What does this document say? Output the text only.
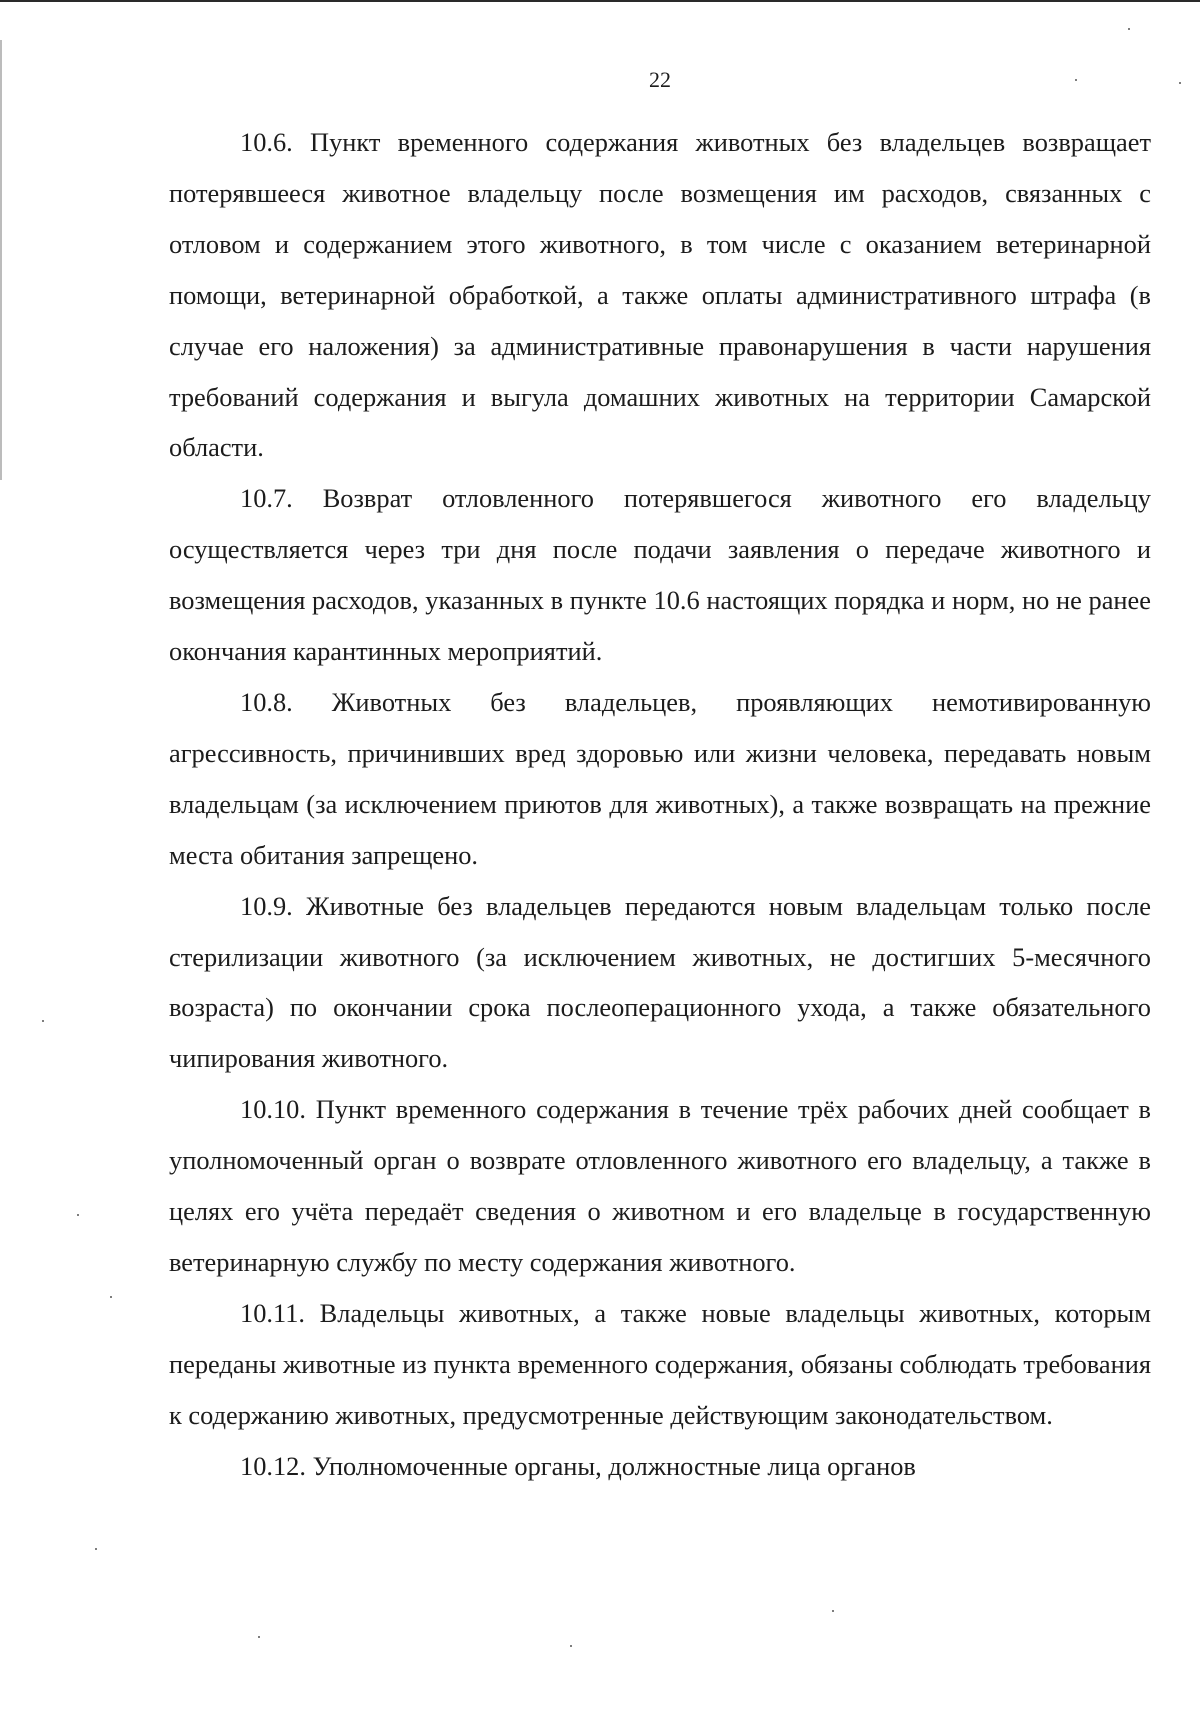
22

10.6. Пункт временного содержания животных без владельцев возвращает потерявшееся животное владельцу после возмещения им расходов, связанных с отловом и содержанием этого животного, в том числе с оказанием ветеринарной помощи, ветеринарной обработкой, а также оплаты административного штрафа (в случае его наложения) за административные правонарушения в части нарушения требований содержания и выгула домашних животных на территории Самарской области.

10.7. Возврат отловленного потерявшегося животного его владельцу осуществляется через три дня после подачи заявления о передаче животного и возмещения расходов, указанных в пункте 10.6 настоящих порядка и норм, но не ранее окончания карантинных мероприятий.

10.8. Животных без владельцев, проявляющих немотивированную агрессивность, причинивших вред здоровью или жизни человека, передавать новым владельцам (за исключением приютов для животных), а также возвращать на прежние места обитания запрещено.

10.9. Животные без владельцев передаются новым владельцам только после стерилизации животного (за исключением животных, не достигших 5-месячного возраста) по окончании срока послеоперационного ухода, а также обязательного чипирования животного.

10.10. Пункт временного содержания в течение трёх рабочих дней сообщает в уполномоченный орган о возврате отловленного животного его владельцу, а также в целях его учёта передаёт сведения о животном и его владельце в государственную ветеринарную службу по месту содержания животного.

10.11. Владельцы животных, а также новые владельцы животных, которым переданы животные из пункта временного содержания, обязаны соблюдать требования к содержанию животных, предусмотренные действующим законодательством.

10.12. Уполномоченные органы, должностные лица органов
